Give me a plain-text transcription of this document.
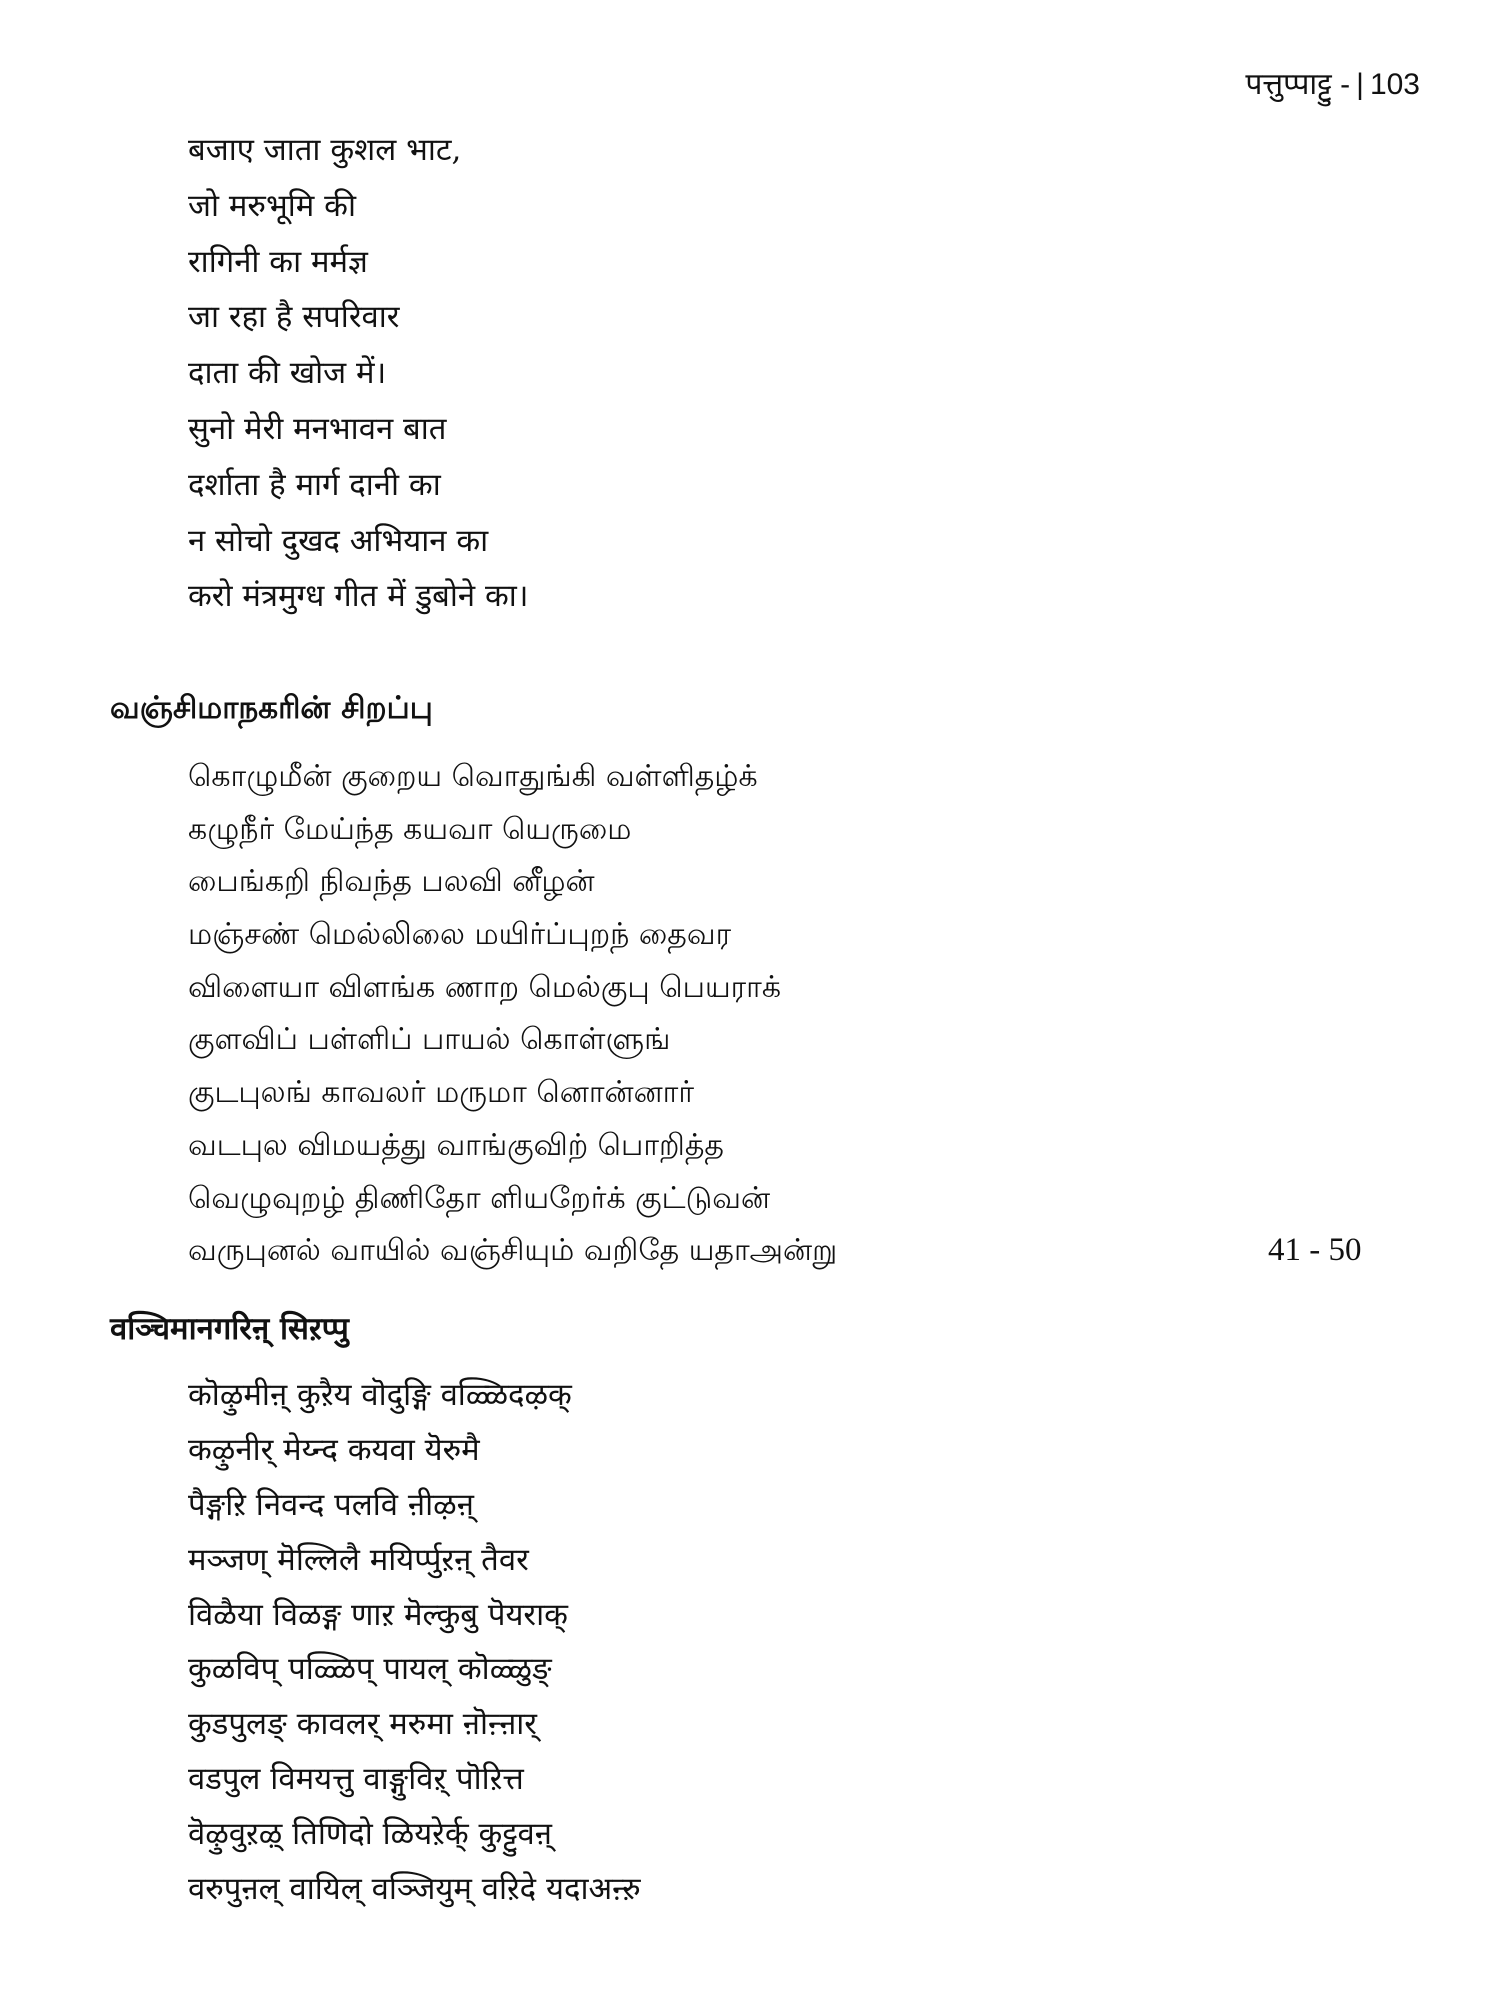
पत्तुप्पाट्टु - | 103
बजाए जाता कुशल भाट,
जो मरुभूमि की
रागिनी का मर्मज्ञ
जा रहा है सपरिवार
दाता की खोज में।
सुनो मेरी मनभावन बात
दर्शाता है मार्ग दानी का
न सोचो दुखद अभियान का
करो मंत्रमुग्ध गीत में डुबोने का।
வஞ்சிமாநகரின் சிறப்பு
கொழுமீன் குறைய வொதுங்கி வள்ளிதழ்க்
கழுநீர் மேய்ந்த கயவா யெருமை
பைங்கறி நிவந்த பலவி னீழன்
மஞ்சண் மெல்லிலை மயிர்ப்புறந் தைவர
விளையா விளங்க ணாற மெல்குபு பெயராக்
குளவிப் பள்ளிப் பாயல் கொள்ளுங்
குடபுலங் காவலர் மருமா னொன்னார்
வடபுல விமயத்து வாங்குவிற் பொறித்த
வெழுவுறழ் திணிதோ ளியறேர்க் குட்டுவன்
வருபுனல் வாயில் வஞ்சியும் வறிதே யதாஅன்று	41 - 50
वञ्चिमानगरिऩ् सिऱप्पु
कॊऴुमीऩ् कुऱैय वॊदुङ्गि वळ्ळिदऴक्
कऴुनीर् मेय्न्द कयवा यॆरुमै
पैङ्गऱि निवन्द पलवि ऩीऴऩ्
मञ्जण् मॆल्लिलै मयिर्प्पुऱऩ् तैवर
विळैया विळङ्ग णाऱ मॆल्कुबु पॆयराक्
कुळविप् पळ्ळिप् पायल् कॊळ्ळुङ्
कुडपुलङ् कावलर् मरुमा ऩॊऩ्ऩार्
वडपुल विमयत्तु वाङ्गुविऱ् पॊऱित्त
वॆऴुवुऱऴ् तिणिदो ळियऱेर्क् कुट्टुवऩ्
वरुपुऩल् वायिल् वञ्जियुम् वऱिदे यदाअऩ्ऱु
